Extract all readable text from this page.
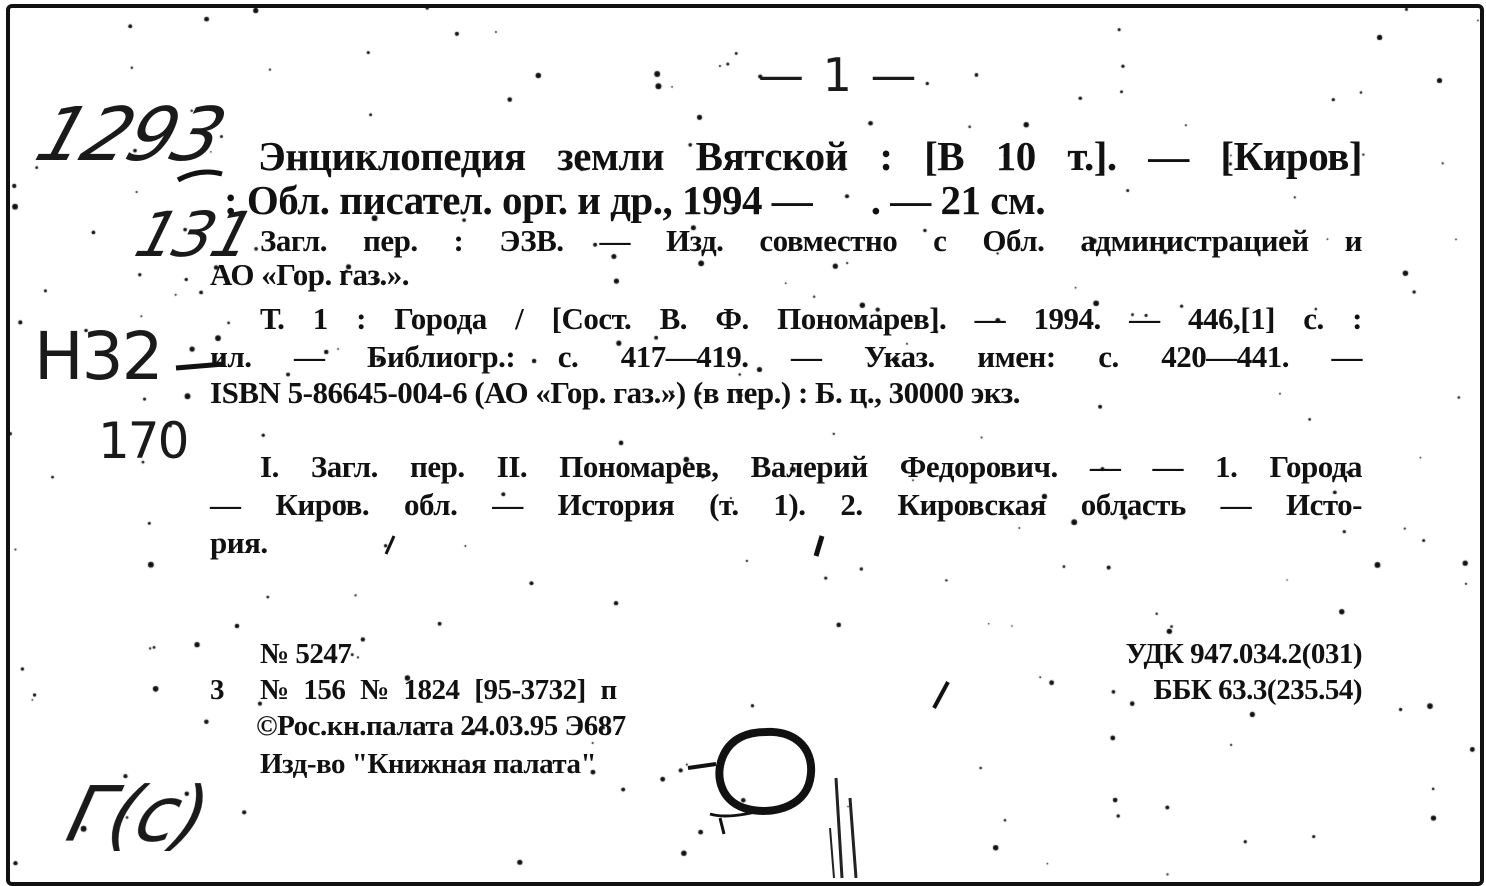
— 1 —
1293
131
Н32
170
Г(с)
Энциклопедия земли Вятской : [В 10 т.]. — [Киров]
: Обл. писател. орг. и др., 1994 —      . — 21 см.
Загл. пер. : ЭЗВ. — Изд. совместно с Обл. администрацией и
АО «Гор. газ.».
Т. 1 : Города / [Сост. В. Ф. Пономарев]. — 1994. — 446,[1] с. :
ил. — Библиогр.: с. 417—419. — Указ. имен: с. 420—441. —
ISBN 5-86645-004-6 (АО «Гор. газ.») (в пер.) : Б. ц., 30000 экз.
I. Загл. пер. II. Пономарев, Валерий Федорович. — — 1. Города
— Киров. обл. — История (т. 1). 2. Кировская область — Исто-
рия.
№ 5247
3 № 156 № 1824 [95-3732] п
©Рос.кн.палата 24.03.95 Э687
Изд-во "Книжная палата"
УДК 947.034.2(031)
ББК 63.3(235.54)
